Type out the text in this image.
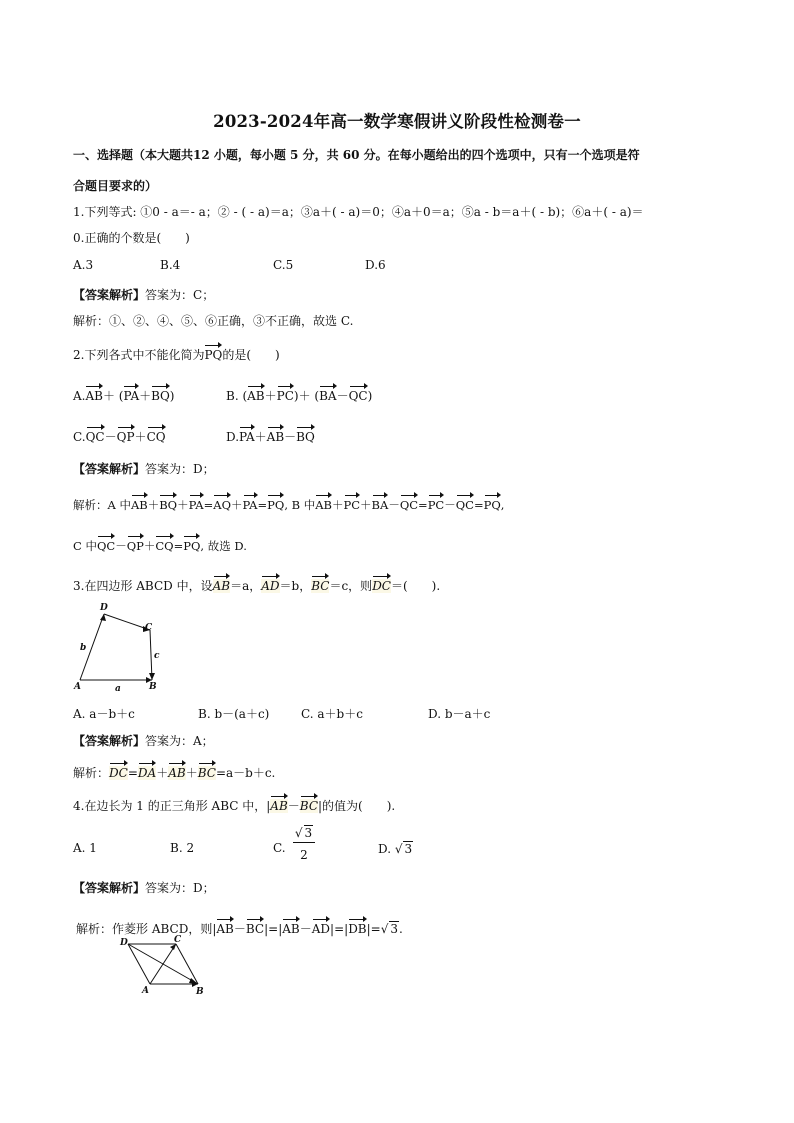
2023-2024年高一数学寒假讲义阶段性检测卷一
一、选择题（本大题共12 小题，每小题 5 分，共 60 分。在每小题给出的四个选项中，只有一个选项是符
合题目要求的）
1.下列等式: ①0 - a＝- a；② - ( - a)＝a；③a＋( - a)＝0；④a＋0＝a；⑤a - b＝a＋( - b)；⑥a＋( - a)＝
0.正确的个数是(　　)
A.3	B.4	C.5	D.6
【答案解析】答案为：C；
解析：①、②、④、⑤、⑥正确，③不正确，故选 C.
2.下列各式中不能化简为PQ的是(　　)
A.AB＋ (PA＋BQ)	B. (AB＋PC)＋ (BA－QC)
C.QC－QP＋CQ	D.PA＋AB－BQ
【答案解析】答案为：D；
解析：A 中AB＋BQ＋PA=AQ＋PA=PQ, B 中AB＋PC＋BA－QC=PC－QC=PQ,
C 中QC－QP＋CQ=PQ, 故选 D.
3.在四边形 ABCD 中，设AB＝a，AD＝b，BC＝c，则DC＝(　　).
D
C
A	B
b
c
a
A. a－b＋c	B. b－(a＋c)	C. a＋b＋c	D. b－a＋c
【答案解析】答案为：A；
解析：DC=DA＋AB＋BC=a－b＋c.
4.在边长为 1 的正三角形 ABC 中，|AB－BC|的值为(　　).
A. 1	B. 2	C.
√ 3
2	D. √ 3
【答案解析】答案为：D；
解析：作菱形 ABCD，则|AB－BC|=|AB－AD|=|DB|=√ 3.
D	C
A	B
